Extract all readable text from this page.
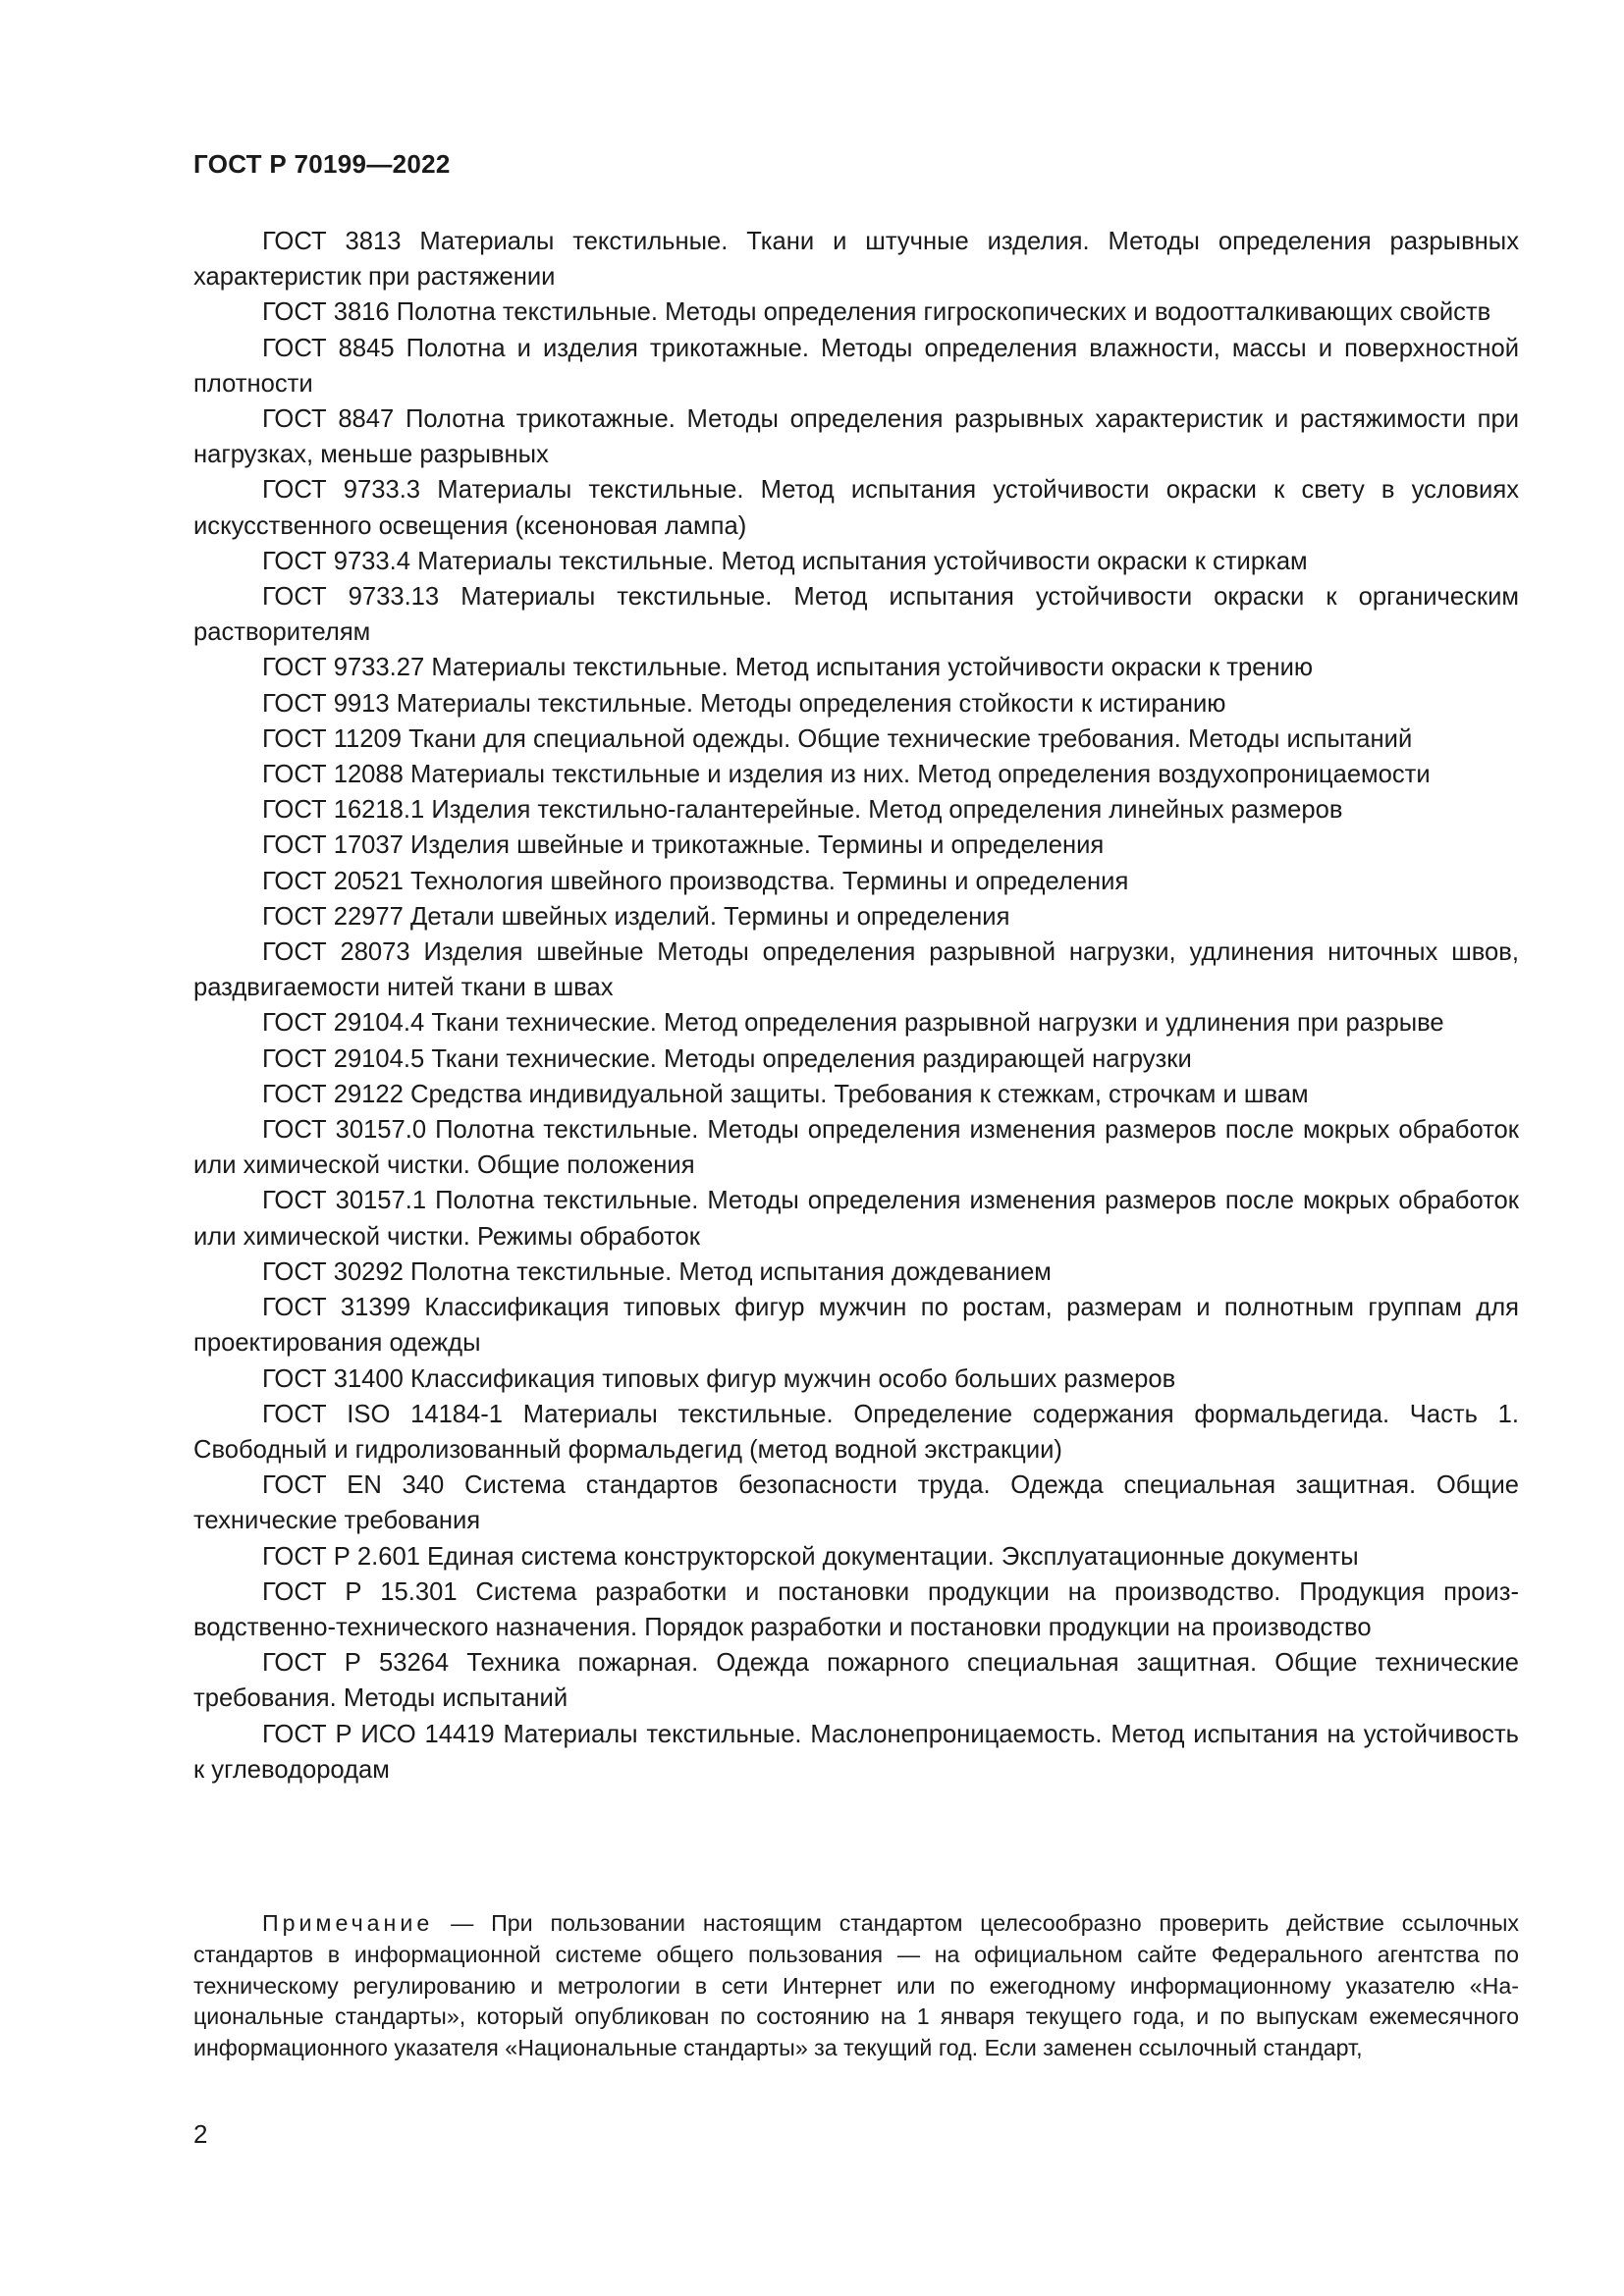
ГОСТ Р 70199—2022

ГОСТ 3813 Материалы текстильные. Ткани и штучные изделия. Методы определения разрывных характеристик при растяжении

ГОСТ 3816 Полотна текстильные. Методы определения гигроскопических и водоотталкивающих свойств

ГОСТ 8845 Полотна и изделия трикотажные. Методы определения влажности, массы и поверхностной плотности

ГОСТ 8847 Полотна трикотажные. Методы определения разрывных характеристик и растяжимости при нагрузках, меньше разрывных

ГОСТ 9733.3 Материалы текстильные. Метод испытания устойчивости окраски к свету в условиях искусственного освещения (ксеноновая лампа)

ГОСТ 9733.4 Материалы текстильные. Метод испытания устойчивости окраски к стиркам

ГОСТ 9733.13 Материалы текстильные. Метод испытания устойчивости окраски к органическим растворителям

ГОСТ 9733.27 Материалы текстильные. Метод испытания устойчивости окраски к трению

ГОСТ 9913 Материалы текстильные. Методы определения стойкости к истиранию

ГОСТ 11209 Ткани для специальной одежды. Общие технические требования. Методы испытаний

ГОСТ 12088 Материалы текстильные и изделия из них. Метод определения воздухопроницаемости

ГОСТ 16218.1 Изделия текстильно-галантерейные. Метод определения линейных размеров

ГОСТ 17037 Изделия швейные и трикотажные. Термины и определения

ГОСТ 20521 Технология швейного производства. Термины и определения

ГОСТ 22977 Детали швейных изделий. Термины и определения

ГОСТ 28073 Изделия швейные Методы определения разрывной нагрузки, удлинения ниточных швов, раздвигаемости нитей ткани в швах

ГОСТ 29104.4 Ткани технические. Метод определения разрывной нагрузки и удлинения при разрыве

ГОСТ 29104.5 Ткани технические. Методы определения раздирающей нагрузки

ГОСТ 29122 Средства индивидуальной защиты. Требования к стежкам, строчкам и швам

ГОСТ 30157.0 Полотна текстильные. Методы определения изменения размеров после мокрых обработок или химической чистки. Общие положения

ГОСТ 30157.1 Полотна текстильные. Методы определения изменения размеров после мокрых обработок или химической чистки. Режимы обработок

ГОСТ 30292 Полотна текстильные. Метод испытания дождеванием

ГОСТ 31399 Классификация типовых фигур мужчин по ростам, размерам и полнотным группам для проектирования одежды

ГОСТ 31400 Классификация типовых фигур мужчин особо больших размеров

ГОСТ ISO 14184-1 Материалы текстильные. Определение содержания формальдегида. Часть 1. Свободный и гидролизованный формальдегид (метод водной экстракции)

ГОСТ EN 340 Система стандартов безопасности труда. Одежда специальная защитная. Общие технические требования

ГОСТ Р 2.601 Единая система конструкторской документации. Эксплуатационные документы

ГОСТ Р 15.301 Система разработки и постановки продукции на производство. Продукция производственно-технического назначения. Порядок разработки и постановки продукции на производство

ГОСТ Р 53264 Техника пожарная. Одежда пожарного специальная защитная. Общие технические требования. Методы испытаний

ГОСТ Р ИСО 14419 Материалы текстильные. Маслонепроницаемость. Метод испытания на устойчивость к углеводородам

Примечание — При пользовании настоящим стандартом целесообразно проверить действие ссылочных стандартов в информационной системе общего пользования — на официальном сайте Федерального агентства по техническому регулированию и метрологии в сети Интернет или по ежегодному информационному указателю «Национальные стандарты», который опубликован по состоянию на 1 января текущего года, и по выпускам ежемесячного информационного указателя «Национальные стандарты» за текущий год. Если заменен ссылочный стандарт,

2
